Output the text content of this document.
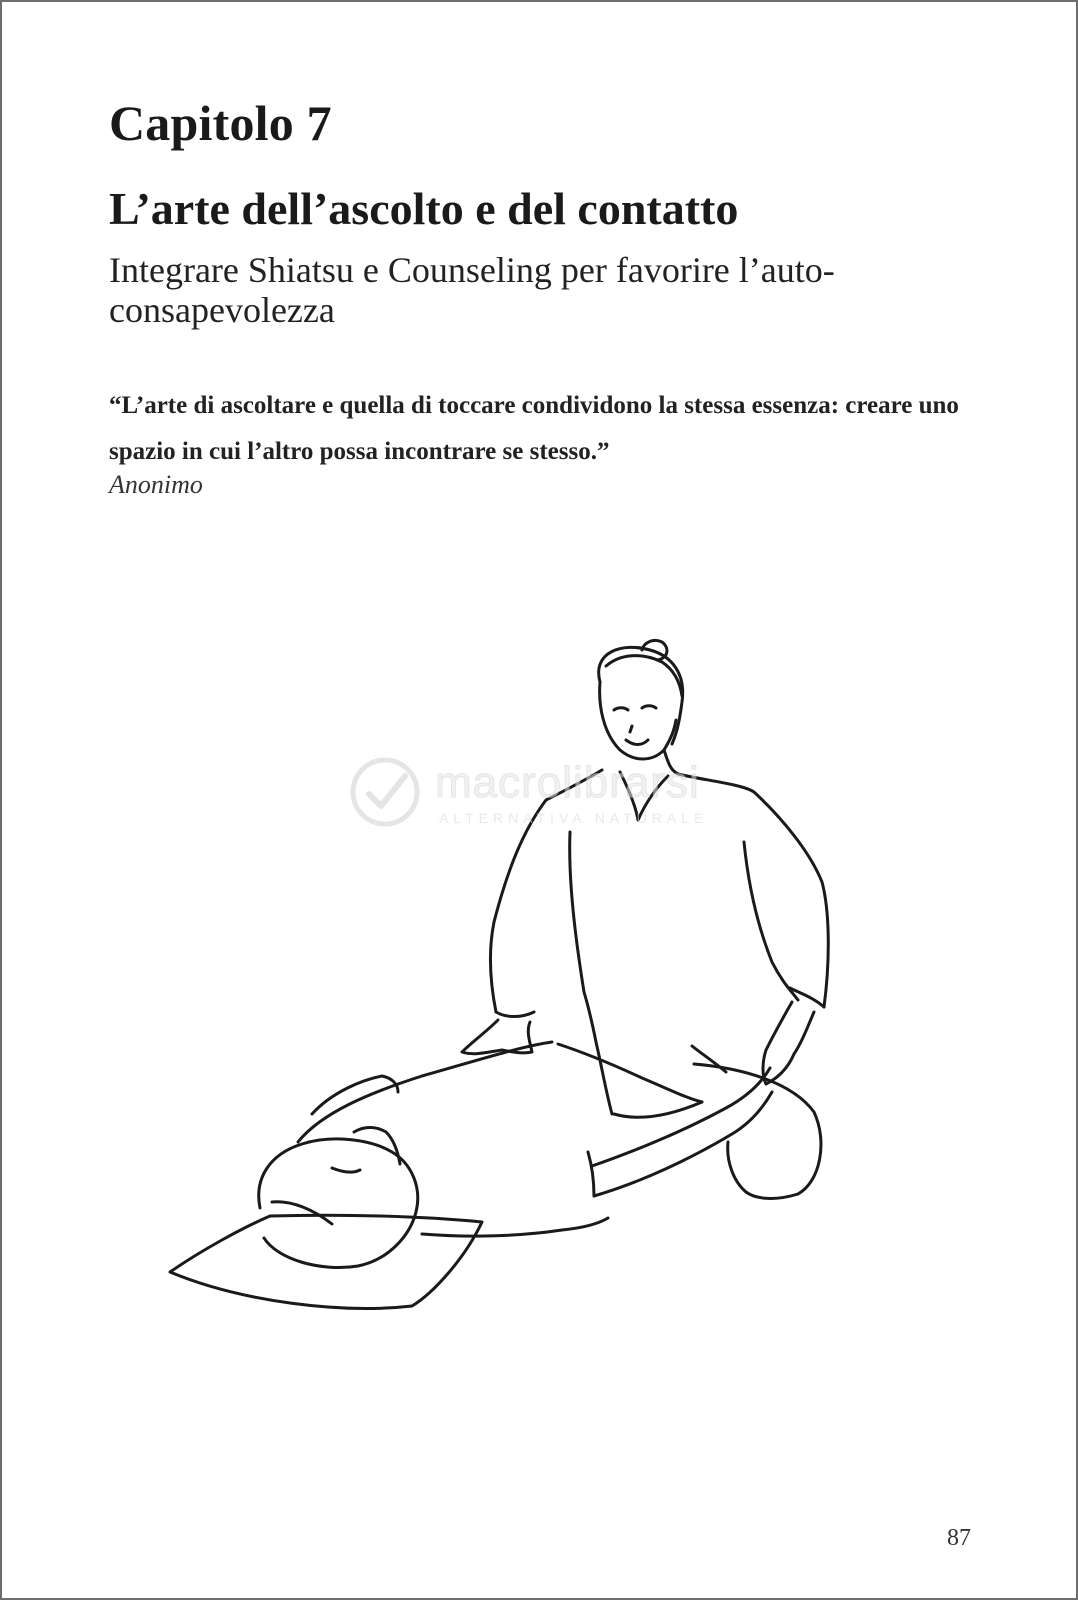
Capitolo 7
L’arte dell’ascolto e del contatto
Integrare Shiatsu e Counseling per favorire l’auto-consapevolezza
“L’arte di ascoltare e quella di toccare condividono la stessa essenza: creare uno spazio in cui l’altro possa incontrare se stesso.”
Anonimo
macrolibrarsi
ALTERNATIVA NATURALE
87
